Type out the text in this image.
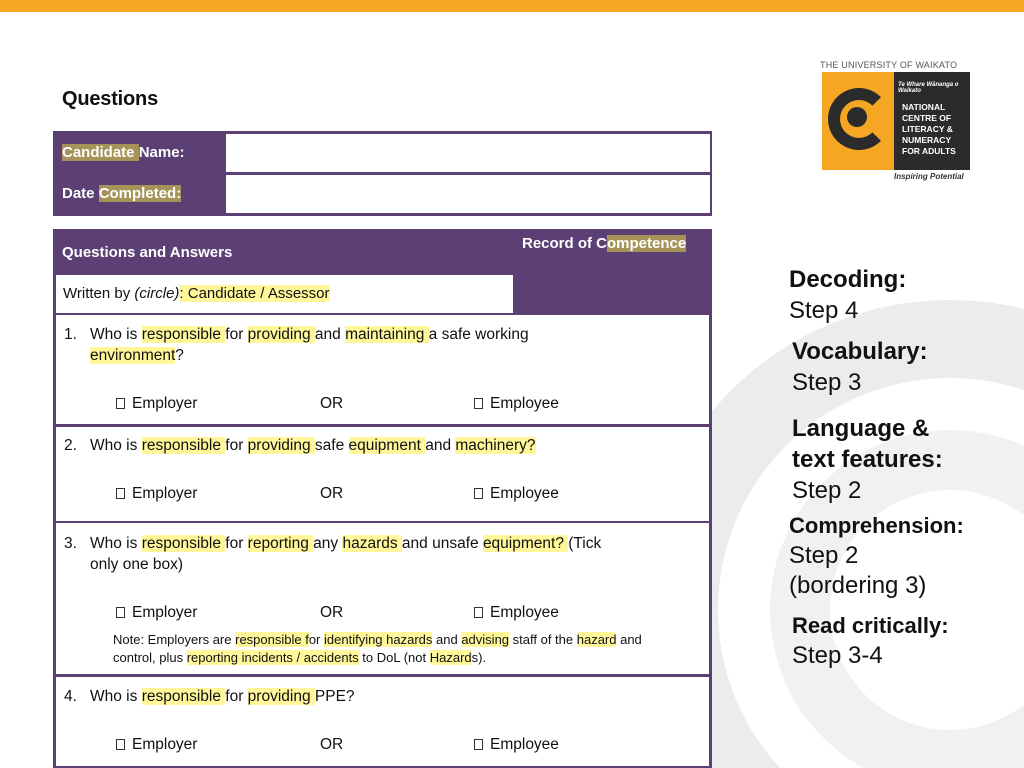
Questions
Candidate Name:
Date Completed:
Questions and Answers
Record of Competence
Written by (circle): Candidate / Assessor
1. Who is responsible for providing and maintaining a safe working
environment?
Employer	OR	Employee
2. Who is responsible for providing safe equipment and machinery?
Employer	OR	Employee
3. Who is responsible for reporting any hazards and unsafe equipment? (Tick
only one box)
Employer	OR	Employee
Note: Employers are responsible for identifying hazards and advising staff of the hazard and
control, plus reporting incidents / accidents to DoL (not Hazards).
4. Who is responsible for providing PPE?
Employer	OR	Employee
THE UNIVERSITY OF WAIKATO
Te Whare Wānanga o Waikato
NATIONAL
CENTRE OF
LITERACY &
NUMERACY
FOR ADULTS
Inspiring Potential
Decoding:
Step 4
Vocabulary:
Step 3
Language &
text features:
Step 2
Comprehension:
Step 2
(bordering 3)
Read critically:
Step 3-4
